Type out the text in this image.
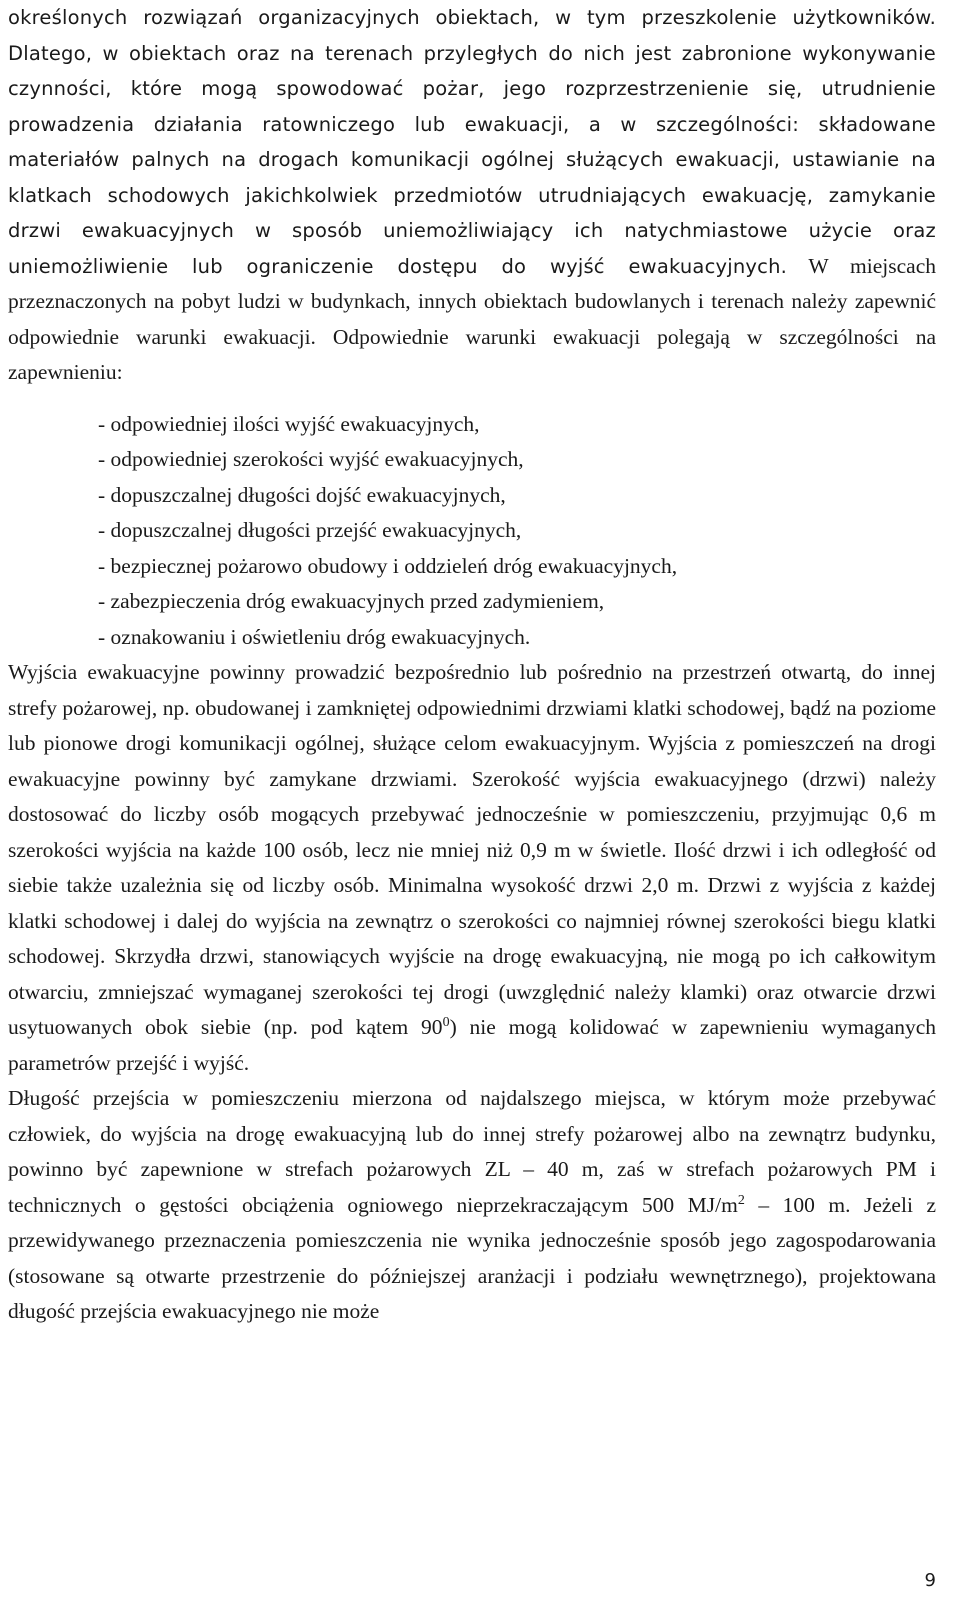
określonych rozwiązań organizacyjnych obiektach, w tym przeszkolenie użytkowników. Dlatego, w obiektach oraz na terenach przyległych do nich jest zabronione wykonywanie czynności, które mogą spowodować pożar, jego rozprzestrzenienie się, utrudnienie prowadzenia działania ratowniczego lub ewakuacji, a w szczególności: składowane materiałów palnych na drogach komunikacji ogólnej służących ewakuacji, ustawianie na klatkach schodowych jakichkolwiek przedmiotów utrudniających ewakuację, zamykanie drzwi ewakuacyjnych w sposób uniemożliwiający ich natychmiastowe użycie oraz uniemożliwienie lub ograniczenie dostępu do wyjść ewakuacyjnych. W miejscach przeznaczonych na pobyt ludzi w budynkach, innych obiektach budowlanych i terenach należy zapewnić odpowiednie warunki ewakuacji. Odpowiednie warunki ewakuacji polegają w szczególności na zapewnieniu:

- odpowiedniej ilości wyjść ewakuacyjnych,
- odpowiedniej szerokości wyjść ewakuacyjnych,
- dopuszczalnej długości dojść ewakuacyjnych,
- dopuszczalnej długości przejść ewakuacyjnych,
- bezpiecznej pożarowo obudowy i oddzieleń dróg ewakuacyjnych,
- zabezpieczenia dróg ewakuacyjnych przed zadymieniem,
- oznakowaniu i oświetleniu dróg ewakuacyjnych.

Wyjścia ewakuacyjne powinny prowadzić bezpośrednio lub pośrednio na przestrzeń otwartą, do innej strefy pożarowej, np. obudowanej i zamkniętej odpowiednimi drzwiami klatki schodowej, bądź na poziome lub pionowe drogi komunikacji ogólnej, służące celom ewakuacyjnym. Wyjścia z pomieszczeń na drogi ewakuacyjne powinny być zamykane drzwiami. Szerokość wyjścia ewakuacyjnego (drzwi) należy dostosować do liczby osób mogących przebywać jednocześnie w pomieszczeniu, przyjmując 0,6 m szerokości wyjścia na każde 100 osób, lecz nie mniej niż 0,9 m w świetle. Ilość drzwi i ich odległość od siebie także uzależnia się od liczby osób. Minimalna wysokość drzwi 2,0 m. Drzwi z wyjścia z każdej klatki schodowej i dalej do wyjścia na zewnątrz o szerokości co najmniej równej szerokości biegu klatki schodowej. Skrzydła drzwi, stanowiących wyjście na drogę ewakuacyjną, nie mogą po ich całkowitym otwarciu, zmniejszać wymaganej szerokości tej drogi (uwzględnić należy klamki) oraz otwarcie drzwi usytuowanych obok siebie (np. pod kątem $90^0$) nie mogą kolidować w zapewnieniu wymaganych parametrów przejść i wyjść.

Długość przejścia w pomieszczeniu mierzona od najdalszego miejsca, w którym może przebywać człowiek, do wyjścia na drogę ewakuacyjną lub do innej strefy pożarowej albo na zewnątrz budynku, powinno być zapewnione w strefach pożarowych ZL – 40 m, zaś w strefach pożarowych PM i technicznych o gęstości obciążenia ogniowego nieprzekraczającym 500 $MJ/m^2 - 100$ m. Jeżeli z przewidywanego przeznaczenia pomieszczenia nie wynika jednocześnie sposób jego zagospodarowania (stosowane są otwarte przestrzenie do późniejszej aranżacji i podziału wewnętrznego), projektowana długość przejścia ewakuacyjnego nie może

9
